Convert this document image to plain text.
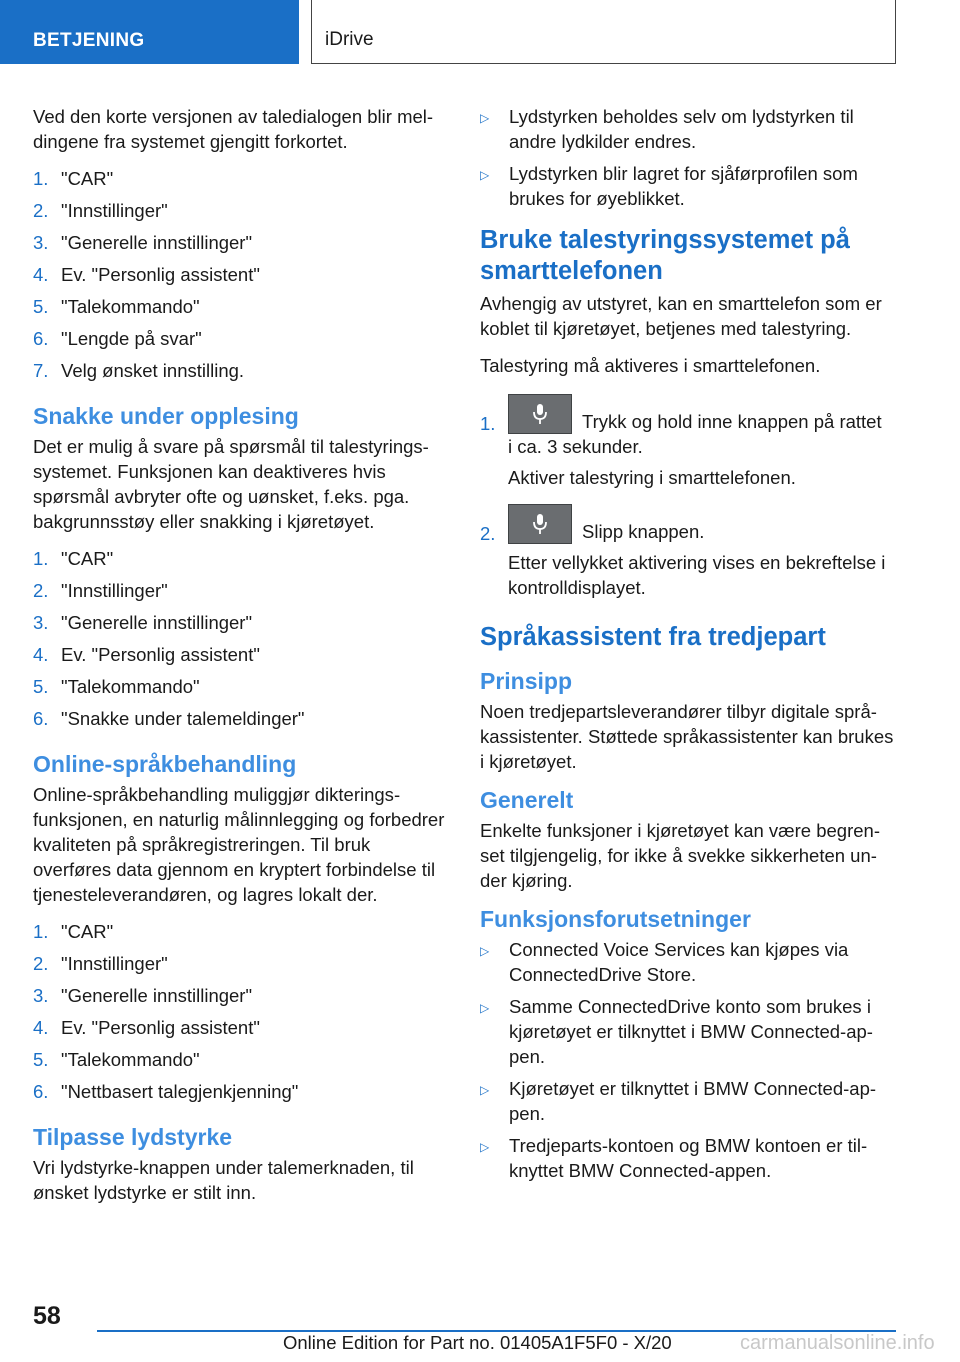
BETJENING	iDrive

Ved den korte versjonen av taledialogen blir meldingene fra systemet gjengitt forkortet.

1. "CAR"
2. "Innstillinger"
3. "Generelle innstillinger"
4. Ev. "Personlig assistent"
5. "Talekommando"
6. "Lengde på svar"
7. Velg ønsket innstilling.
Snakke under opplesing

Det er mulig å svare på spørsmål til talestyringssystemet. Funksjonen kan deaktiveres hvis spørsmål avbryter ofte og uønsket, f.eks. pga. bakgrunnsstøy eller snakking i kjøretøyet.

1. "CAR"
2. "Innstillinger"
3. "Generelle innstillinger"
4. Ev. "Personlig assistent"
5. "Talekommando"
6. "Snakke under talemeldinger"
Online-språkbehandling

Online-språkbehandling muliggjør dikteringsfunksjonen, en naturlig målinnlegging og forbedrer kvaliteten på språkregistreringen. Til bruk overføres data gjennom en kryptert forbindelse til tjenesteleverandøren, og lagres lokalt der.

1. "CAR"
2. "Innstillinger"
3. "Generelle innstillinger"
4. Ev. "Personlig assistent"
5. "Talekommando"
6. "Nettbasert talegjenkjenning"
Tilpasse lydstyrke

Vri lydstyrke-knappen under talemerknaden, til ønsket lydstyrke er stilt inn.

▷	Lydstyrken beholdes selv om lydstyrken til andre lydkilder endres.
▷	Lydstyrken blir lagret for sjåførprofilen som brukes for øyeblikket.
Bruke talestyringssystemet på smarttelefonen

Avhengig av utstyret, kan en smarttelefon som er koblet til kjøretøyet, betjenes med talestyring.

Talestyring må aktiveres i smarttelefonen.

1.	Trykk og hold inne knappen på rattet
i ca. 3 sekunder.
Aktiver talestyring i smarttelefonen.
2.	Slipp knappen.
Etter vellykket aktivering vises en bekreftelse i kontrolldisplayet.
Språkassistent fra tredjepart
Prinsipp

Noen tredjepartsleverandører tilbyr digitale språkassistenter. Støttede språkassistenter kan brukes i kjøretøyet.

Generelt

Enkelte funksjoner i kjøretøyet kan være begrenset tilgjengelig, for ikke å svekke sikkerheten under kjøring.

Funksjonsforutsetninger
▷	Connected Voice Services kan kjøpes via ConnectedDrive Store.
▷	Samme ConnectedDrive konto som brukes i kjøretøyet er tilknyttet i BMW Connected-appen.
▷	Kjøretøyet er tilknyttet i BMW Connected-appen.
▷	Tredjeparts-kontoen og BMW kontoen er tilknyttet BMW Connected-appen.
58
Online Edition for Part no. 01405A1F5F0 - X/20	carmanualsonline.info
